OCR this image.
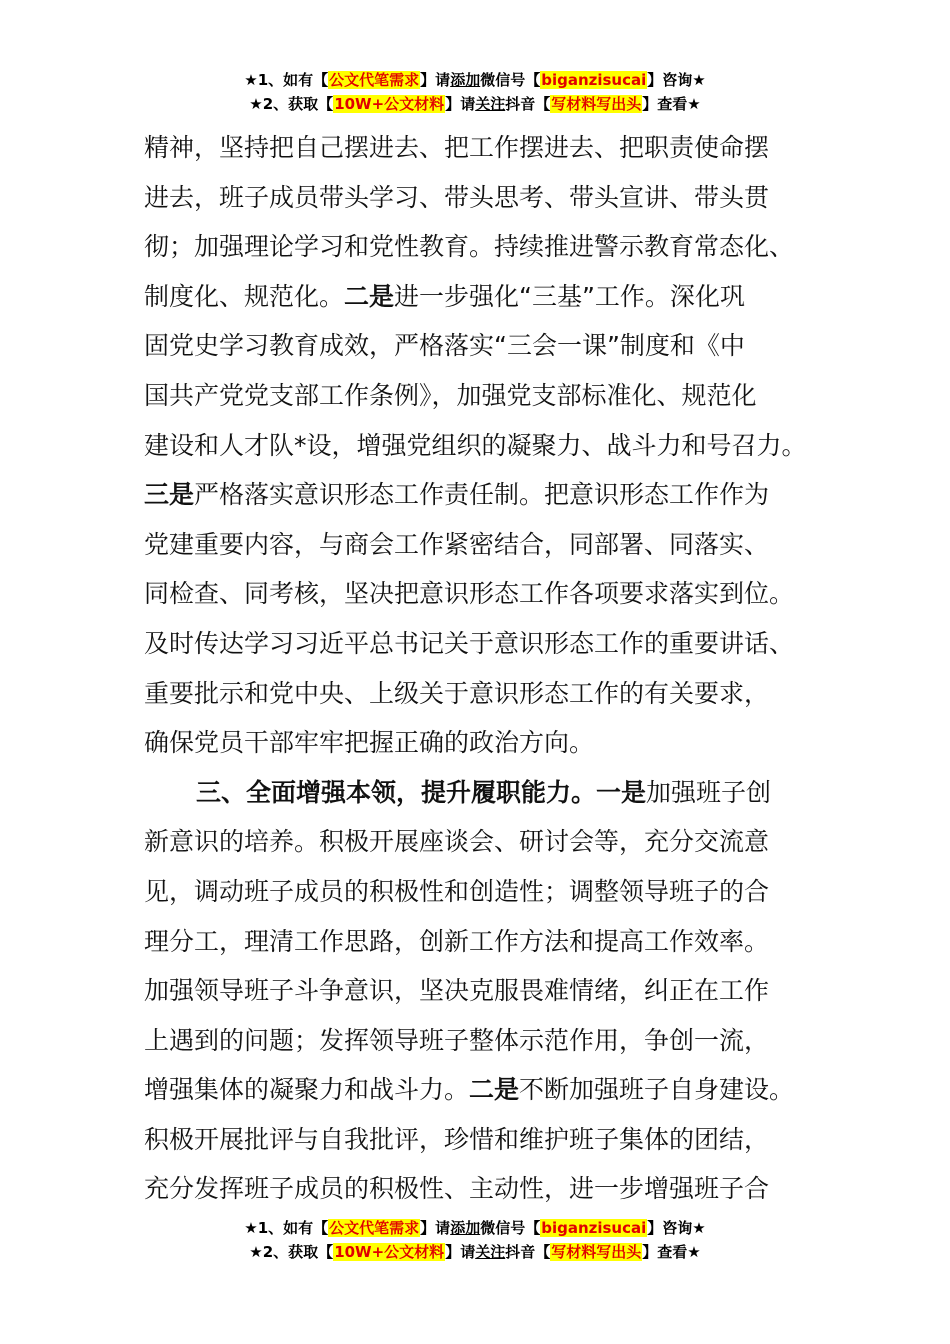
★1、如有【公文代笔需求】请添加微信号【biganzisucai】咨询★
★2、获取【10W+公文材料】请关注抖音【写材料写出头】查看★
精神，坚持把自己摆进去、把工作摆进去、把职责使命摆
进去，班子成员带头学习、带头思考、带头宣讲、带头贯
彻；加强理论学习和党性教育。持续推进警示教育常态化、
制度化、规范化。二是进一步强化“三基”工作。深化巩
固党史学习教育成效，严格落实“三会一课”制度和《中
国共产党党支部工作条例》，加强党支部标准化、规范化
建设和人才队*设，增强党组织的凝聚力、战斗力和号召力。
三是严格落实意识形态工作责任制。把意识形态工作作为
党建重要内容，与商会工作紧密结合，同部署、同落实、
同检查、同考核，坚决把意识形态工作各项要求落实到位。
及时传达学习习近平总书记关于意识形态工作的重要讲话、
重要批示和党中央、上级关于意识形态工作的有关要求，
确保党员干部牢牢把握正确的政治方向。
三、全面增强本领，提升履职能力。一是加强班子创
新意识的培养。积极开展座谈会、研讨会等，充分交流意
见，调动班子成员的积极性和创造性；调整领导班子的合
理分工，理清工作思路，创新工作方法和提高工作效率。
加强领导班子斗争意识，坚决克服畏难情绪，纠正在工作
上遇到的问题；发挥领导班子整体示范作用，争创一流，
增强集体的凝聚力和战斗力。二是不断加强班子自身建设。
积极开展批评与自我批评，珍惜和维护班子集体的团结，
充分发挥班子成员的积极性、主动性，进一步增强班子合
★1、如有【公文代笔需求】请添加微信号【biganzisucai】咨询★
★2、获取【10W+公文材料】请关注抖音【写材料写出头】查看★
